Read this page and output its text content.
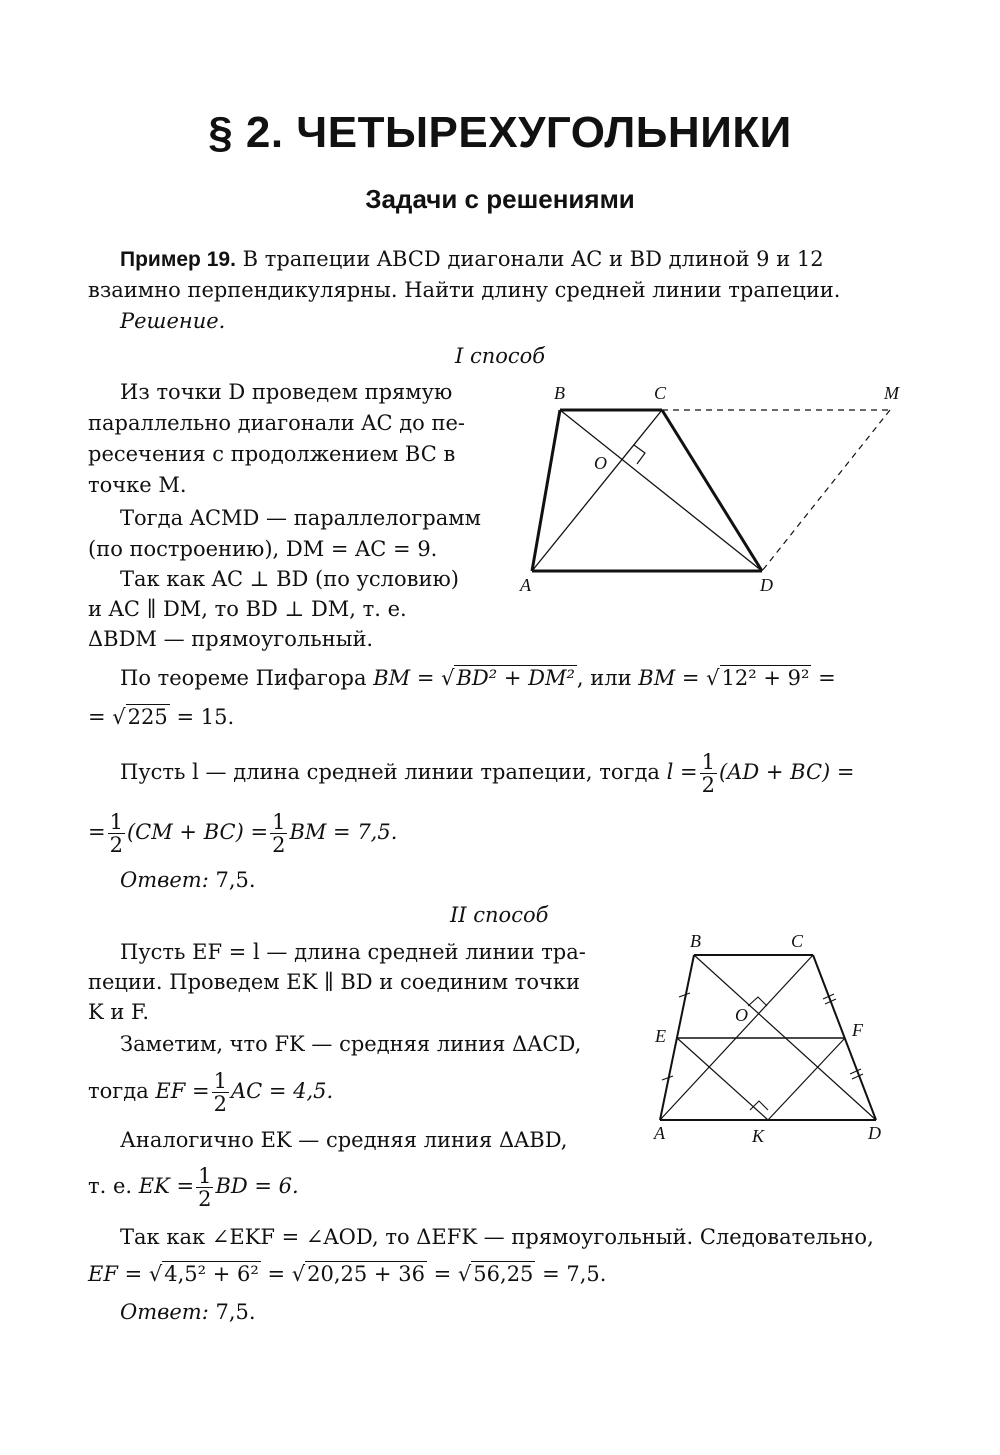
§ 2. ЧЕТЫРЕХУГОЛЬНИКИ
Задачи с решениями
Пример 19. В трапеции ABCD диагонали AC и BD длиной 9 и 12
взаимно перпендикулярны. Найти длину средней линии трапеции.
Решение.
I способ
Из точки D проведем прямую
параллельно диагонали AC до пе-
ресечения с продолжением BC в
точке M.
Тогда ACMD — параллелограмм
(по построению), DM = AC = 9.
Так как AC ⊥ BD (по условию)
и AC ∥ DM, то BD ⊥ DM, т. е.
ΔBDM — прямоугольный.
B	C	M
O
A	D
По теореме Пифагора BM = √BD² + DM², или BM = √12² + 9² =
= √225 = 15.
Пусть l — длина средней линии трапеции, тогда $l = \frac{1}{2} (AD + BC)$ =
= $\frac{1}{2} (CM + BC) = \frac{1}{2}$ BM = 7,5.
Ответ: 7,5.
II способ
Пусть EF = l — длина средней линии тра-
пеции. Проведем EK ∥ BD и соединим точки
K и F.
Заметим, что FK — средняя линия ΔACD,
тогда EF = $\frac{1}{2}$ AC = 4,5.
Аналогично EK — средняя линия ΔABD,
т. е. EK = $\frac{1}{2}$ BD = 6.
B	C
O
E	F
A	K	D
Так как ∠EKF = ∠AOD, то ΔEFK — прямоугольный. Следовательно,
EF = √4,5² + 6² = √20,25 + 36 = √56,25 = 7,5.
Ответ: 7,5.
